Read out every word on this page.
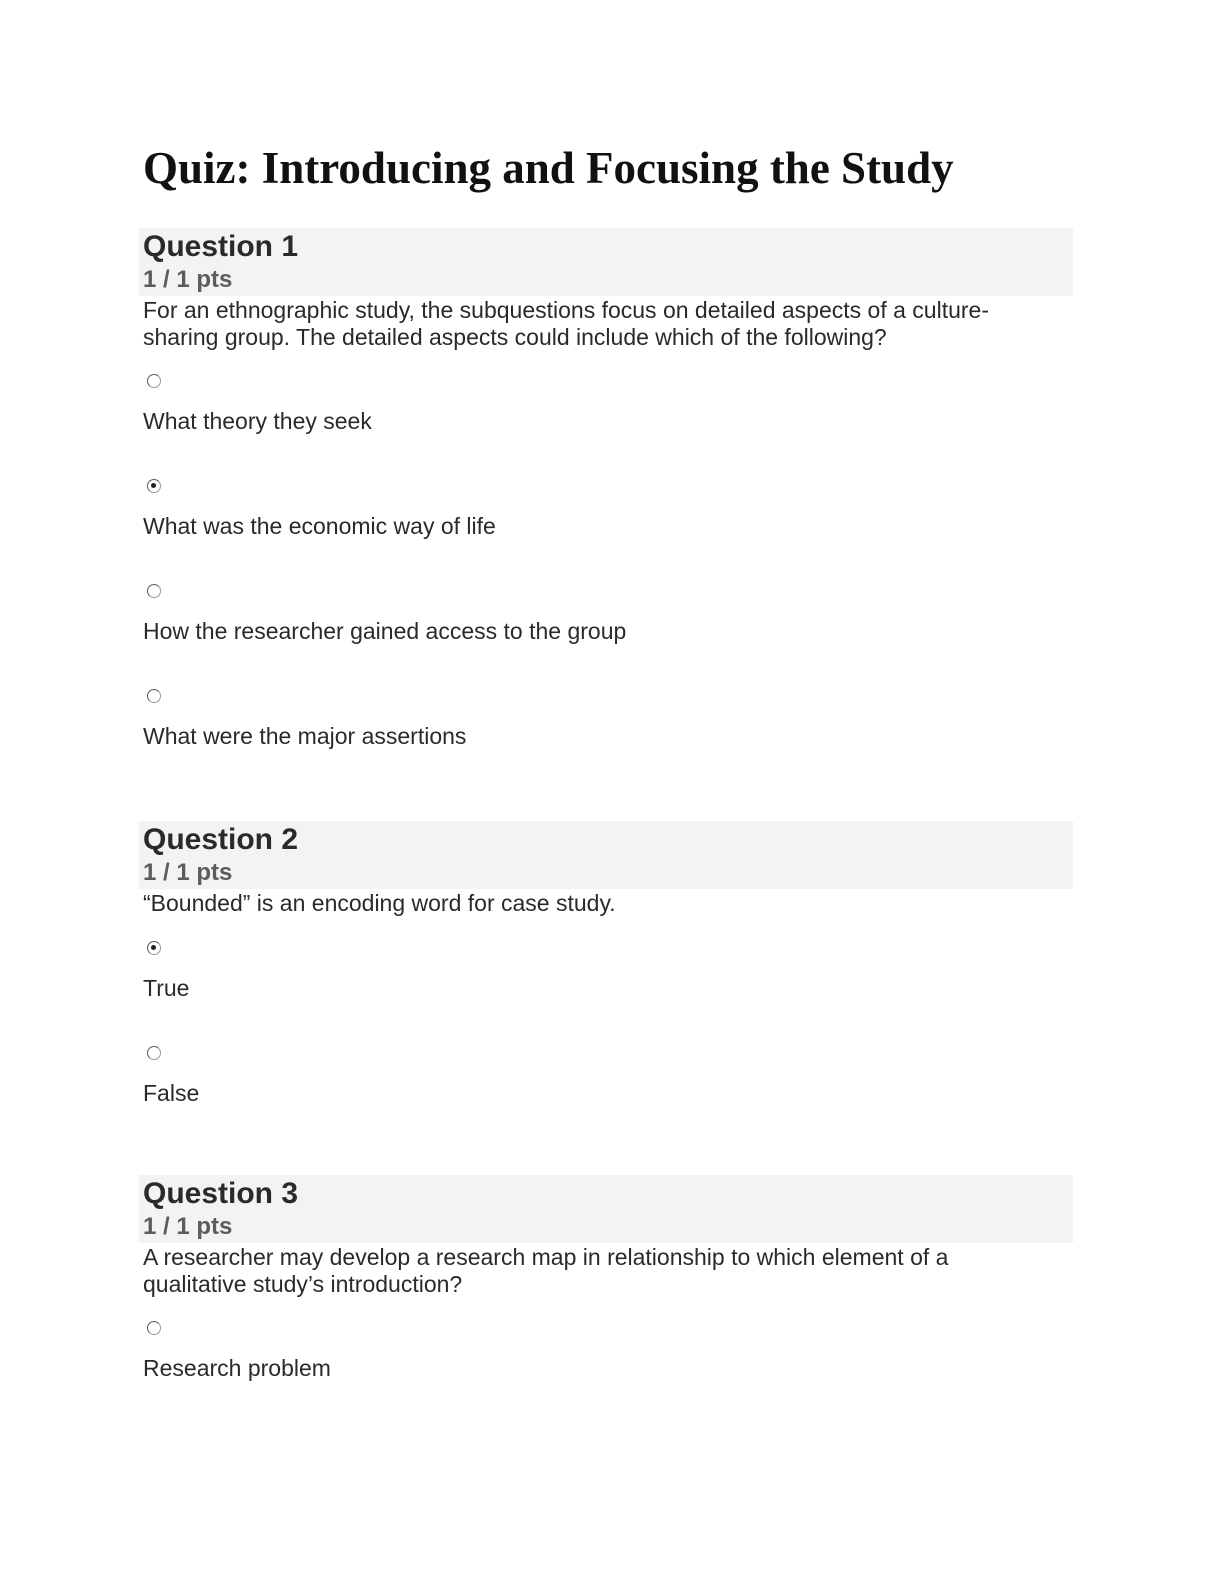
Quiz: Introducing and Focusing the Study
Question 1
1 / 1 pts
For an ethnographic study, the subquestions focus on detailed aspects of a culture-sharing group. The detailed aspects could include which of the following?
What theory they seek
What was the economic way of life
How the researcher gained access to the group
What were the major assertions
Question 2
1 / 1 pts
“Bounded” is an encoding word for case study.
True
False
Question 3
1 / 1 pts
A researcher may develop a research map in relationship to which element of a qualitative study’s introduction?
Research problem
